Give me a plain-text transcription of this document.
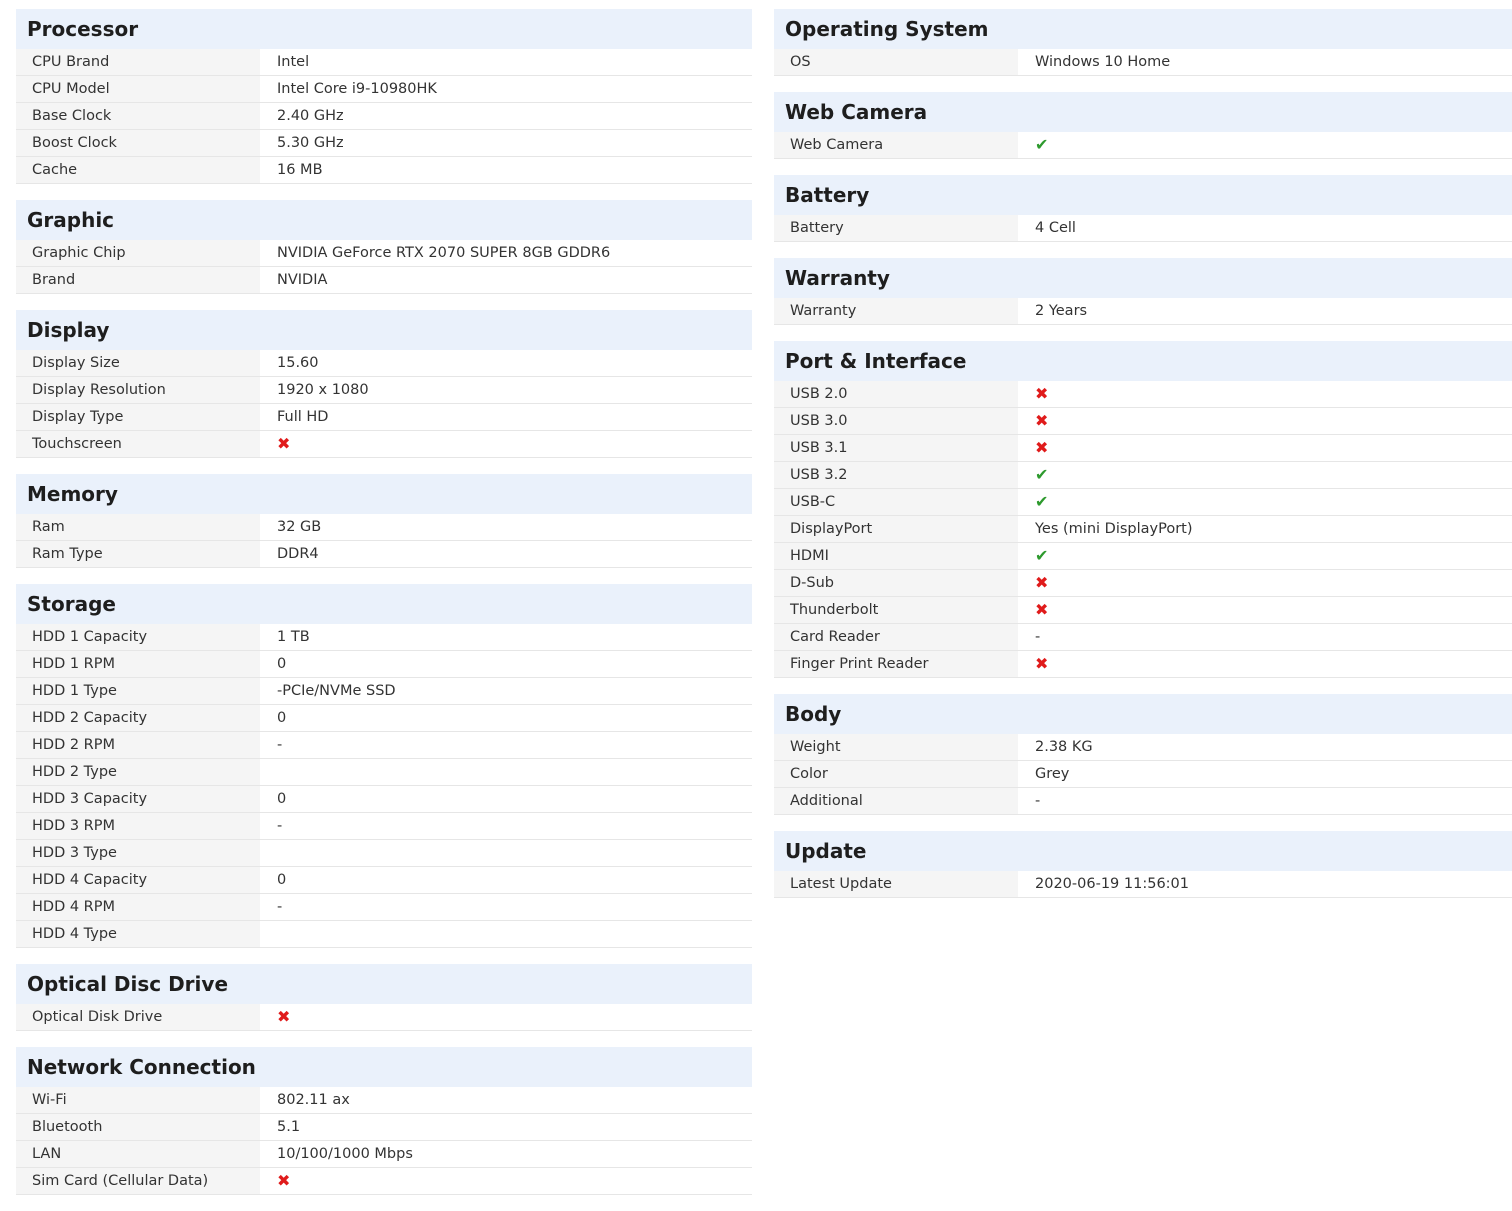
Processor
CPU Brand	Intel
CPU Model	Intel Core i9-10980HK
Base Clock	2.40 GHz
Boost Clock	5.30 GHz
Cache	16 MB
Graphic
Graphic Chip	NVIDIA GeForce RTX 2070 SUPER 8GB GDDR6
Brand	NVIDIA
Display
Display Size	15.60
Display Resolution	1920 x 1080
Display Type	Full HD
Touchscreen	✖
Memory
Ram	32 GB
Ram Type	DDR4
Storage
HDD 1 Capacity	1 TB
HDD 1 RPM	0
HDD 1 Type	-PCIe/NVMe SSD
HDD 2 Capacity	0
HDD 2 RPM	-
HDD 2 Type
HDD 3 Capacity	0
HDD 3 RPM	-
HDD 3 Type
HDD 4 Capacity	0
HDD 4 RPM	-
HDD 4 Type
Optical Disc Drive
Optical Disk Drive	✖
Network Connection
Wi-Fi	802.11 ax
Bluetooth	5.1
LAN	10/100/1000 Mbps
Sim Card (Cellular Data)	✖
Operating System
OS	Windows 10 Home
Web Camera
Web Camera	✔
Battery
Battery	4 Cell
Warranty
Warranty	2 Years
Port & Interface
USB 2.0	✖
USB 3.0	✖
USB 3.1	✖
USB 3.2	✔
USB-C	✔
DisplayPort	Yes (mini DisplayPort)
HDMI	✔
D-Sub	✖
Thunderbolt	✖
Card Reader	-
Finger Print Reader	✖
Body
Weight	2.38 KG
Color	Grey
Additional	-
Update
Latest Update	2020-06-19 11:56:01
